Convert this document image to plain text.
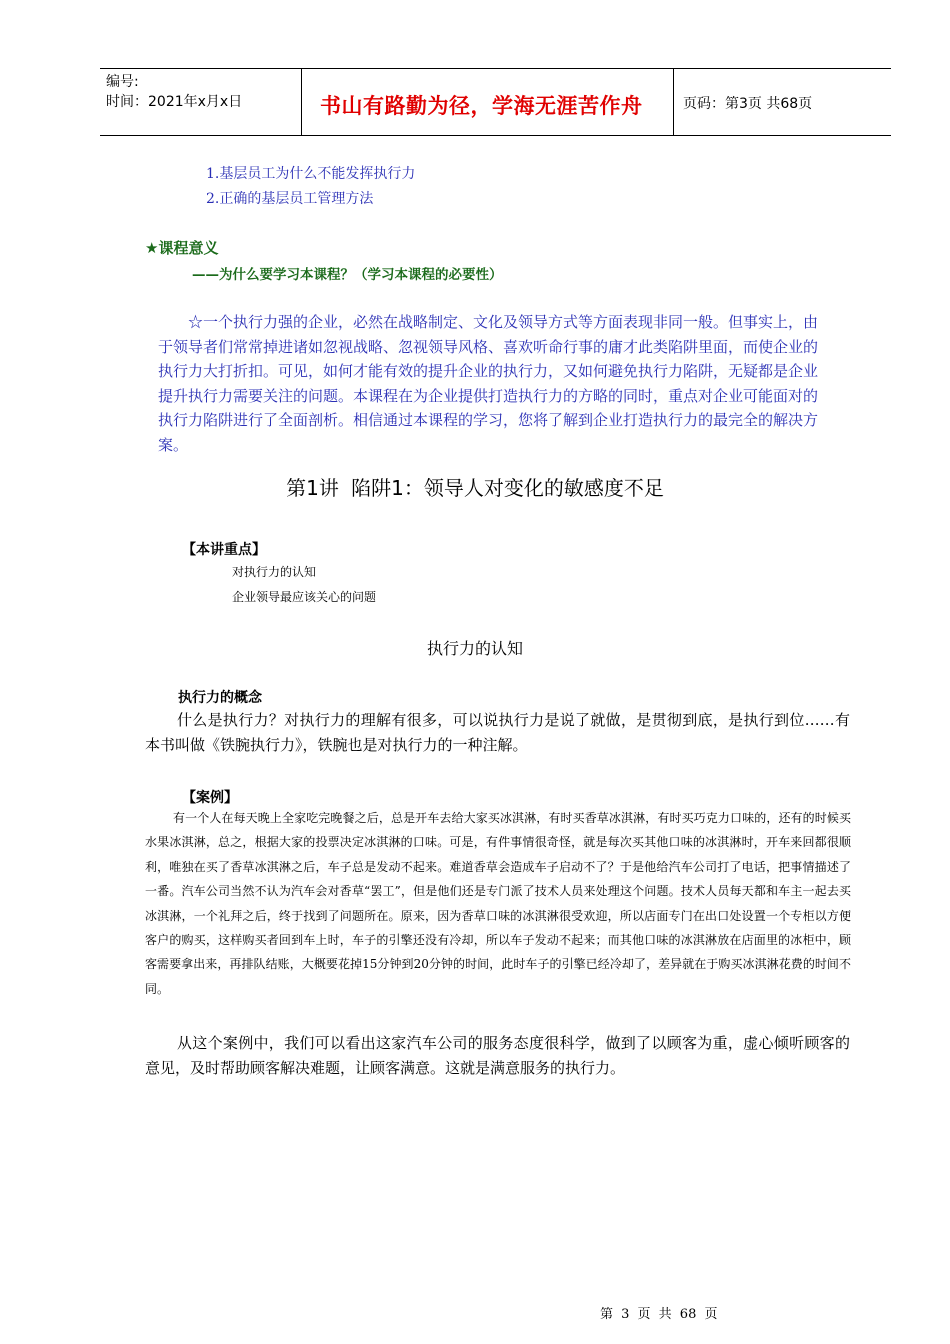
编号:
时间：2021年x月x日	书山有路勤为径，学海无涯苦作舟	页码：第3页 共68页
1.基层员工为什么不能发挥执行力
2.正确的基层员工管理方法
★课程意义
——为什么要学习本课程？（学习本课程的必要性）
☆一个执行力强的企业，必然在战略制定、文化及领导方式等方面表现非同一般。但事实上，由于领导者们常常掉进诸如忽视战略、忽视领导风格、喜欢听命行事的庸才此类陷阱里面，而使企业的执行力大打折扣。可见，如何才能有效的提升企业的执行力，又如何避免执行力陷阱，无疑都是企业提升执行力需要关注的问题。本课程在为企业提供打造执行力的方略的同时，重点对企业可能面对的执行力陷阱进行了全面剖析。相信通过本课程的学习，您将了解到企业打造执行力的最完全的解决方案。
第1讲 陷阱1：领导人对变化的敏感度不足
【本讲重点】
对执行力的认知
企业领导最应该关心的问题
执行力的认知
执行力的概念
什么是执行力？对执行力的理解有很多，可以说执行力是说了就做，是贯彻到底，是执行到位……有本书叫做《铁腕执行力》，铁腕也是对执行力的一种注解。
【案例】
有一个人在每天晚上全家吃完晚餐之后，总是开车去给大家买冰淇淋，有时买香草冰淇淋，有时买巧克力口味的，还有的时候买水果冰淇淋，总之，根据大家的投票决定冰淇淋的口味。可是，有件事情很奇怪，就是每次买其他口味的冰淇淋时，开车来回都很顺利，唯独在买了香草冰淇淋之后，车子总是发动不起来。难道香草会造成车子启动不了？于是他给汽车公司打了电话，把事情描述了一番。汽车公司当然不认为汽车会对香草“罢工”，但是他们还是专门派了技术人员来处理这个问题。技术人员每天都和车主一起去买冰淇淋，一个礼拜之后，终于找到了问题所在。原来，因为香草口味的冰淇淋很受欢迎，所以店面专门在出口处设置一个专柜以方便客户的购买，这样购买者回到车上时，车子的引擎还没有冷却，所以车子发动不起来；而其他口味的冰淇淋放在店面里的冰柜中，顾客需要拿出来，再排队结账，大概要花掉15分钟到20分钟的时间，此时车子的引擎已经冷却了，差异就在于购买冰淇淋花费的时间不同。
从这个案例中，我们可以看出这家汽车公司的服务态度很科学，做到了以顾客为重，虚心倾听顾客的意见，及时帮助顾客解决难题，让顾客满意。这就是满意服务的执行力。
第 3 页 共 68 页
